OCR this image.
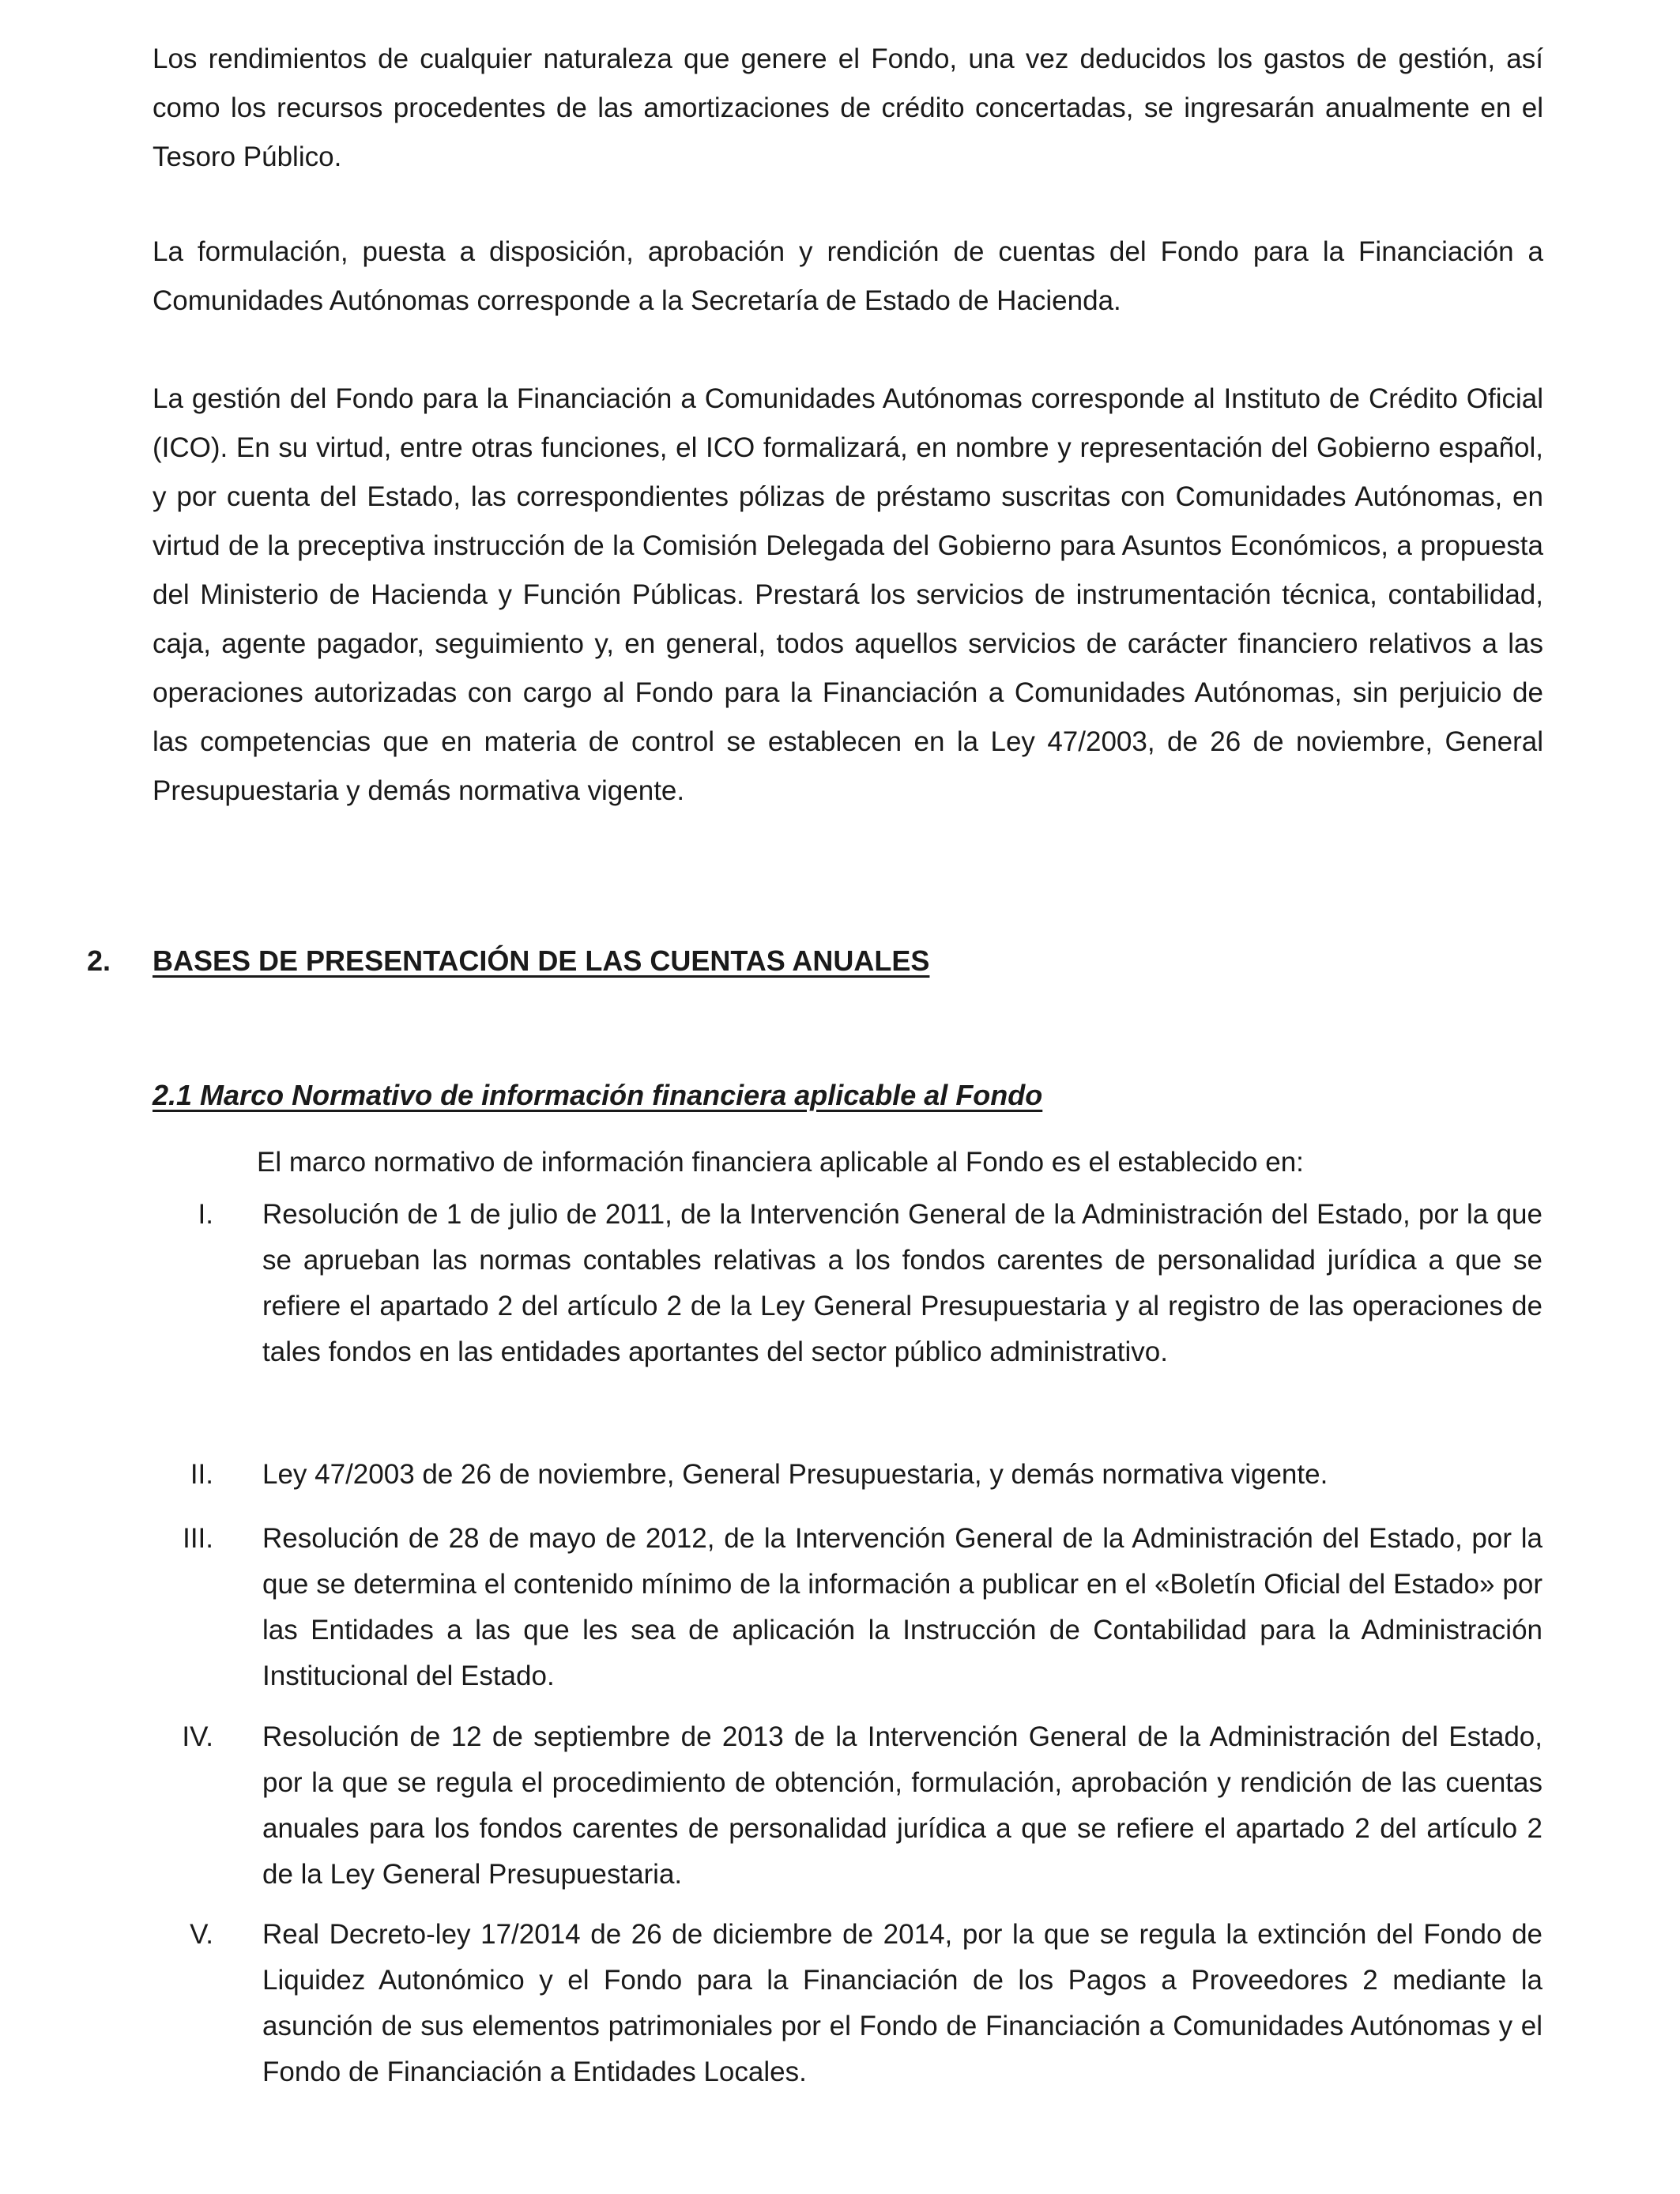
Los rendimientos de cualquier naturaleza que genere el Fondo, una vez deducidos los gastos de gestión, así como los recursos procedentes de las amortizaciones de crédito concertadas, se ingresarán anualmente en el Tesoro Público.

La formulación, puesta a disposición, aprobación y rendición de cuentas del Fondo para la Financiación a Comunidades Autónomas corresponde a la Secretaría de Estado de Hacienda.

La gestión del Fondo para la Financiación a Comunidades Autónomas corresponde al Instituto de Crédito Oficial (ICO). En su virtud, entre otras funciones, el ICO formalizará, en nombre y representación del Gobierno español, y por cuenta del Estado, las correspondientes pólizas de préstamo suscritas con Comunidades Autónomas, en virtud de la preceptiva instrucción de la Comisión Delegada del Gobierno para Asuntos Económicos, a propuesta del Ministerio de Hacienda y Función Públicas. Prestará los servicios de instrumentación técnica, contabilidad, caja, agente pagador, seguimiento y, en general, todos aquellos servicios de carácter financiero relativos a las operaciones autorizadas con cargo al Fondo para la Financiación a Comunidades Autónomas, sin perjuicio de las competencias que en materia de control se establecen en la Ley 47/2003, de 26 de noviembre, General Presupuestaria y demás normativa vigente.

2. BASES DE PRESENTACIÓN DE LAS CUENTAS ANUALES
2.1 Marco Normativo de información financiera aplicable al Fondo

El marco normativo de información financiera aplicable al Fondo es el establecido en:

I. Resolución de 1 de julio de 2011, de la Intervención General de la Administración del Estado, por la que se aprueban las normas contables relativas a los fondos carentes de personalidad jurídica a que se refiere el apartado 2 del artículo 2 de la Ley General Presupuestaria y al registro de las operaciones de tales fondos en las entidades aportantes del sector público administrativo.

II. Ley 47/2003 de 26 de noviembre, General Presupuestaria, y demás normativa vigente.

III. Resolución de 28 de mayo de 2012, de la Intervención General de la Administración del Estado, por la que se determina el contenido mínimo de la información a publicar en el «Boletín Oficial del Estado» por las Entidades a las que les sea de aplicación la Instrucción de Contabilidad para la Administración Institucional del Estado.

IV. Resolución de 12 de septiembre de 2013 de la Intervención General de la Administración del Estado, por la que se regula el procedimiento de obtención, formulación, aprobación y rendición de las cuentas anuales para los fondos carentes de personalidad jurídica a que se refiere el apartado 2 del artículo 2 de la Ley General Presupuestaria.

V. Real Decreto-ley 17/2014 de 26 de diciembre de 2014, por la que se regula la extinción del Fondo de Liquidez Autonómico y el Fondo para la Financiación de los Pagos a Proveedores 2 mediante la asunción de sus elementos patrimoniales por el Fondo de Financiación a Comunidades Autónomas y el Fondo de Financiación a Entidades Locales.
